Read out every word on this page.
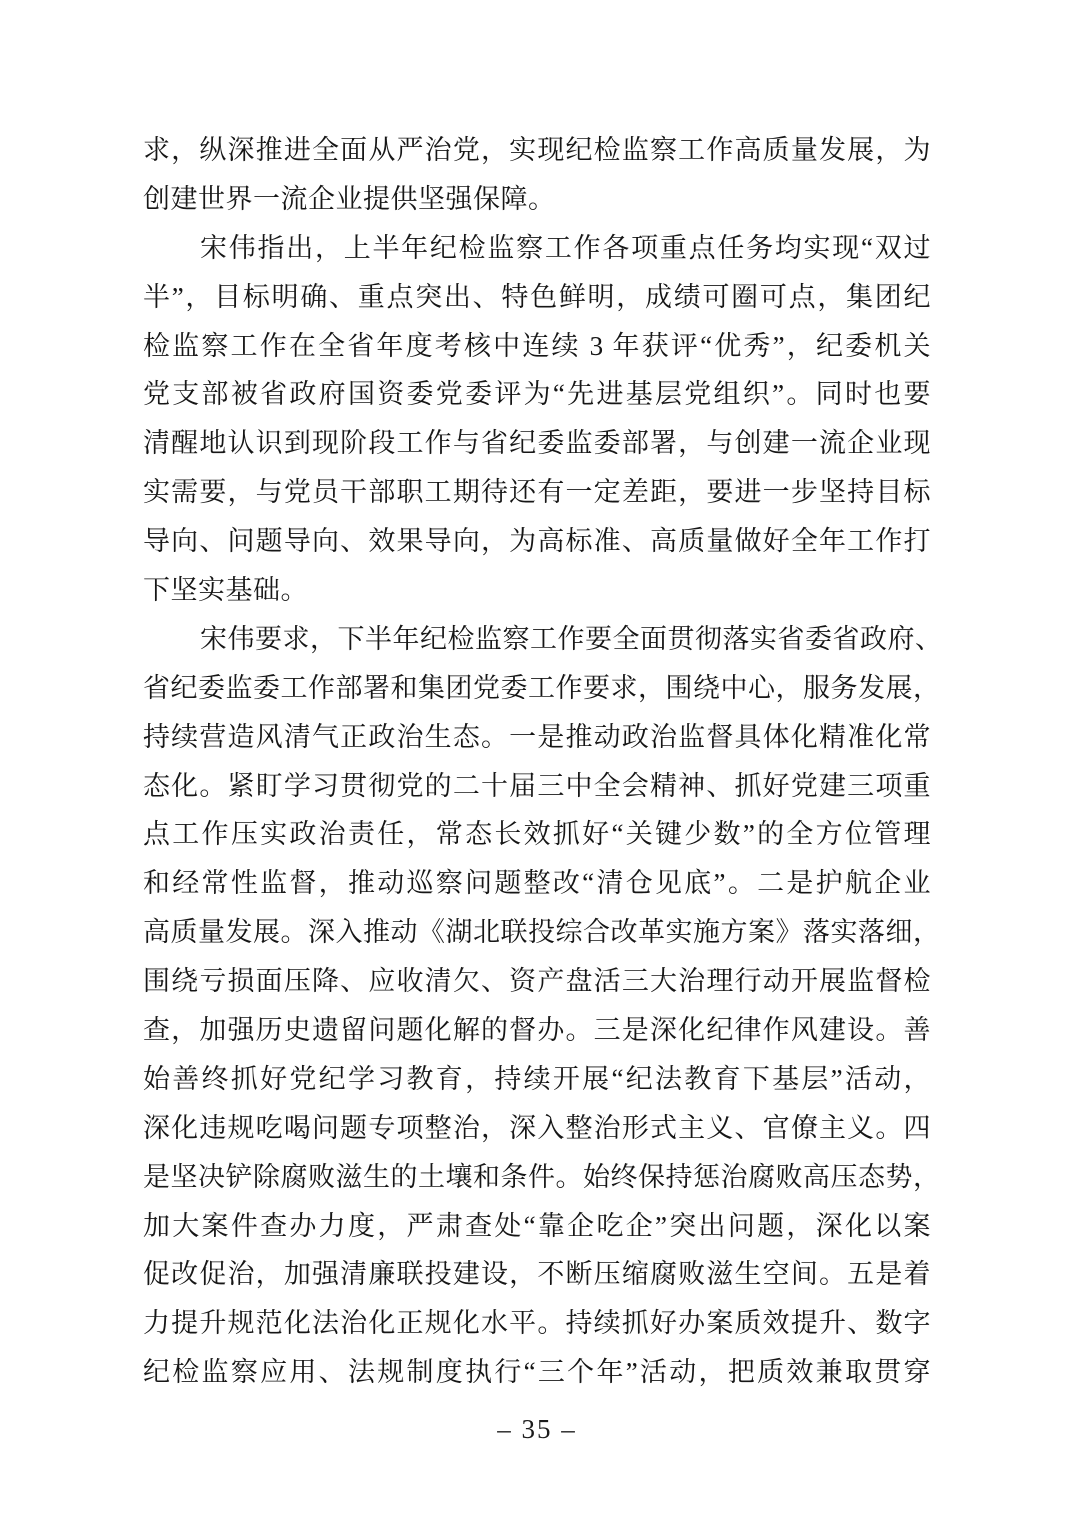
求，纵深推进全面从严治党，实现纪检监察工作高质量发展，为
创建世界一流企业提供坚强保障。
宋伟指出，上半年纪检监察工作各项重点任务均实现“双过
半”，目标明确、重点突出、特色鲜明，成绩可圈可点，集团纪
检监察工作在全省年度考核中连续 3 年获评“优秀”，纪委机关
党支部被省政府国资委党委评为“先进基层党组织”。同时也要
清醒地认识到现阶段工作与省纪委监委部署，与创建一流企业现
实需要，与党员干部职工期待还有一定差距，要进一步坚持目标
导向、问题导向、效果导向，为高标准、高质量做好全年工作打
下坚实基础。
宋伟要求，下半年纪检监察工作要全面贯彻落实省委省政府、
省纪委监委工作部署和集团党委工作要求，围绕中心，服务发展，
持续营造风清气正政治生态。一是推动政治监督具体化精准化常
态化。紧盯学习贯彻党的二十届三中全会精神、抓好党建三项重
点工作压实政治责任，常态长效抓好“关键少数”的全方位管理
和经常性监督，推动巡察问题整改“清仓见底”。二是护航企业
高质量发展。深入推动《湖北联投综合改革实施方案》落实落细，
围绕亏损面压降、应收清欠、资产盘活三大治理行动开展监督检
查，加强历史遗留问题化解的督办。三是深化纪律作风建设。善
始善终抓好党纪学习教育，持续开展“纪法教育下基层”活动，
深化违规吃喝问题专项整治，深入整治形式主义、官僚主义。四
是坚决铲除腐败滋生的土壤和条件。始终保持惩治腐败高压态势，
加大案件查办力度，严肃查处“靠企吃企”突出问题，深化以案
促改促治，加强清廉联投建设，不断压缩腐败滋生空间。五是着
力提升规范化法治化正规化水平。持续抓好办案质效提升、数字
纪检监察应用、法规制度执行“三个年”活动，把质效兼取贯穿
– 35 –
